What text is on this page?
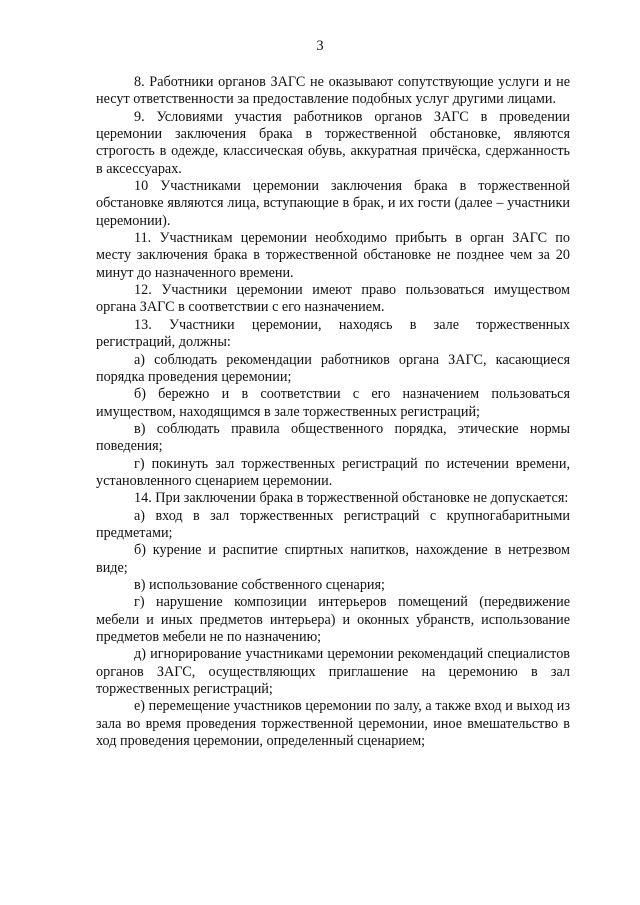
3

8. Работники органов ЗАГС не оказывают сопутствующие услуги и не несут ответственности за предоставление подобных услуг другими лицами.

9. Условиями участия работников органов ЗАГС в проведении церемонии заключения брака в торжественной обстановке, являются строгость в одежде, классическая обувь, аккуратная причёска, сдержанность в аксессуарах.

10 Участниками церемонии заключения брака в торжественной обстановке являются лица, вступающие в брак, и их гости (далее – участники церемонии).

11. Участникам церемонии необходимо прибыть в орган ЗАГС по месту заключения брака в торжественной обстановке не позднее чем за 20 минут до назначенного времени.

12. Участники церемонии имеют право пользоваться имуществом органа ЗАГС в соответствии с его назначением.

13. Участники церемонии, находясь в зале торжественных регистраций, должны:

а) соблюдать рекомендации работников органа ЗАГС, касающиеся порядка проведения церемонии;

б) бережно и в соответствии с его назначением пользоваться имуществом, находящимся в зале торжественных регистраций;

в) соблюдать правила общественного порядка, этические нормы поведения;

г) покинуть зал торжественных регистраций по истечении времени, установленного сценарием церемонии.

14. При заключении брака в торжественной обстановке не допускается:

а) вход в зал торжественных регистраций с крупногабаритными предметами;

б) курение и распитие спиртных напитков, нахождение в нетрезвом виде;

в) использование собственного сценария;

г) нарушение композиции интерьеров помещений (передвижение мебели и иных предметов интерьера) и оконных убранств, использование предметов мебели не по назначению;

д) игнорирование участниками церемонии рекомендаций специалистов органов ЗАГС, осуществляющих приглашение на церемонию в зал торжественных регистраций;

е) перемещение участников церемонии по залу, а также вход и выход из зала во время проведения торжественной церемонии, иное вмешательство в ход проведения церемонии, определенный сценарием;
